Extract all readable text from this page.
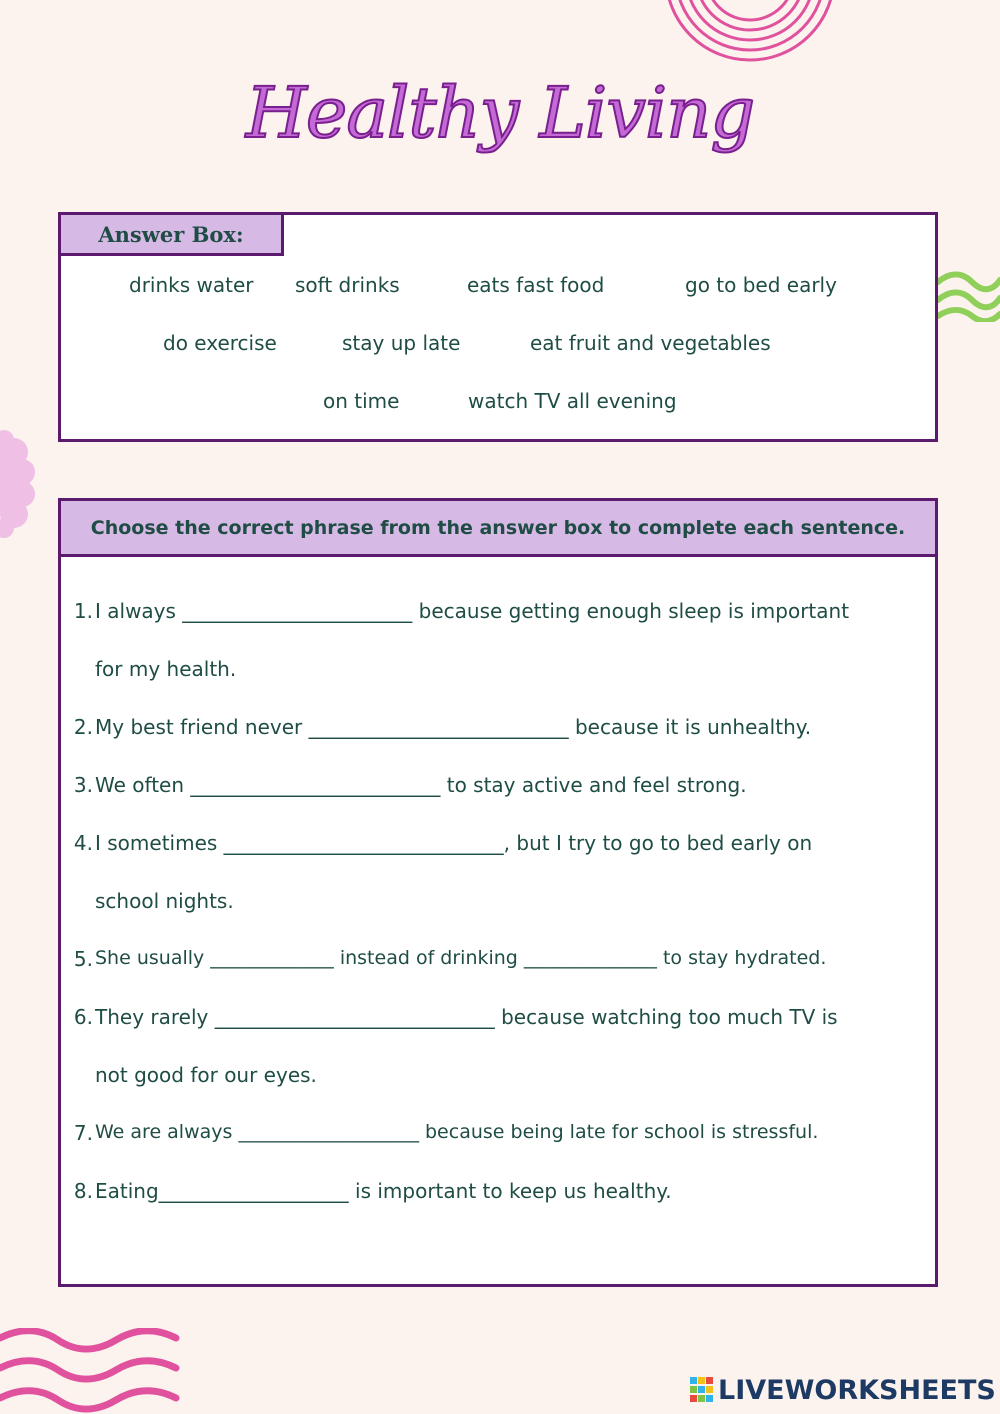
Healthy Living
Answer Box:
drinks water soft drinks	eats fast food	go to bed early
do exercise	stay up late	eat fruit and vegetables
on time	watch TV all evening
Choose the correct phrase from the answer box to complete each sentence.
1. I always _______________________ because getting enough sleep is important
for my health.
2. My best friend never __________________________ because it is unhealthy.
3. We often _________________________ to stay active and feel strong.
4. I sometimes ____________________________, but I try to go to bed early on
school nights.
5. She usually _____________ instead of drinking ______________ to stay hydrated.
6. They rarely ____________________________ because watching too much TV is
not good for our eyes.
7. We are always ___________________ because being late for school is stressful.
8. Eating___________________ is important to keep us healthy.
LIVEWORKSHEETS
